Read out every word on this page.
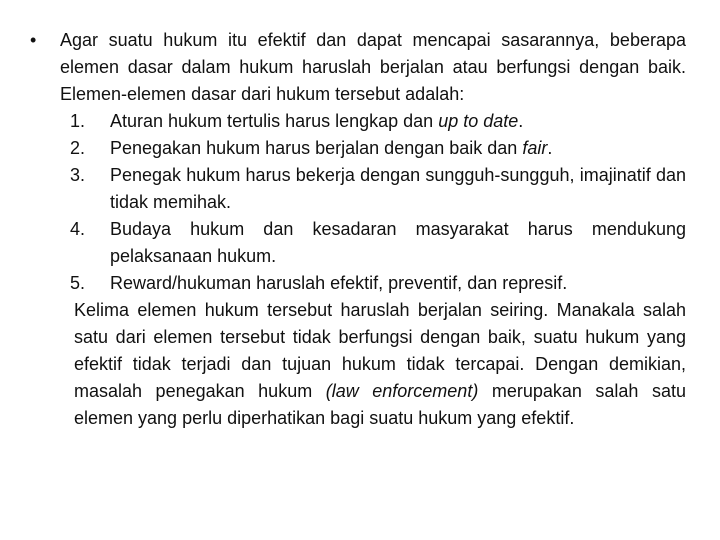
•	Agar suatu hukum itu efektif dan dapat mencapai sasarannya, beberapa elemen dasar dalam hukum haruslah berjalan atau berfungsi dengan baik. Elemen-elemen dasar dari hukum tersebut adalah:
1. Aturan hukum tertulis harus lengkap dan up to date.
2. Penegakan hukum harus berjalan dengan baik dan fair.
3. Penegak hukum harus bekerja dengan sungguh-sungguh, imajinatif dan tidak memihak.
4. Budaya hukum dan kesadaran masyarakat harus mendukung pelaksanaan hukum.
5. Reward/hukuman haruslah efektif, preventif, dan represif.
Kelima elemen hukum tersebut haruslah berjalan seiring. Manakala salah satu dari elemen tersebut tidak berfungsi dengan baik, suatu hukum yang efektif tidak terjadi dan tujuan hukum tidak tercapai. Dengan demikian, masalah penegakan hukum (law enforcement) merupakan salah satu elemen yang perlu diperhatikan bagi suatu hukum yang efektif.
